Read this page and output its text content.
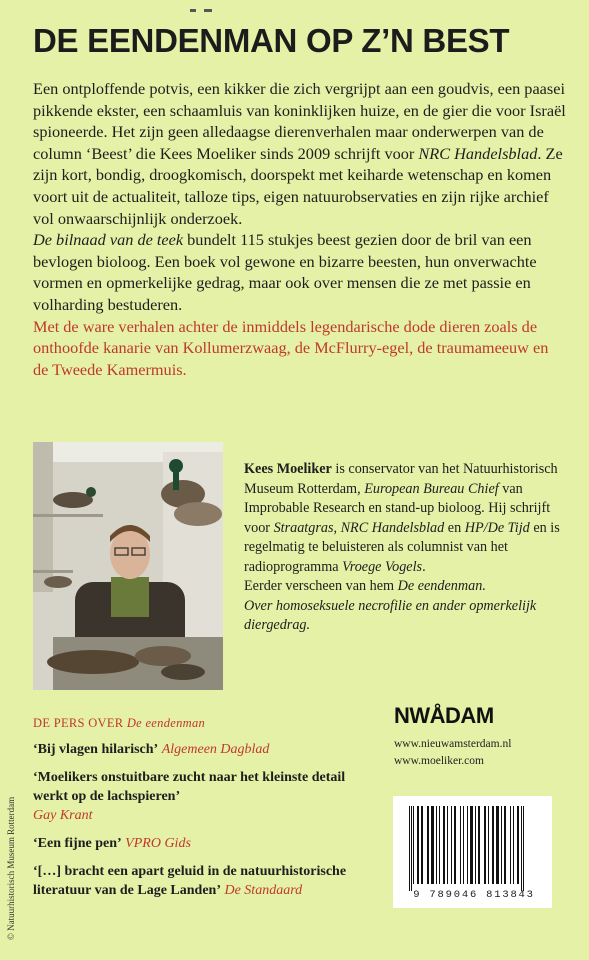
DE EENDENMAN OP Z’N BEST

Een ontploffende potvis, een kikker die zich vergrijpt aan een goudvis, een paasei pikkende ekster, een schaamluis van koninklijken huize, en de gier die voor Israël spioneerde. Het zijn geen alledaagse dierenverhalen maar onderwerpen van de column ‘Beest’ die Kees Moeliker sinds 2009 schrijft voor NRC Handelsblad. Ze zijn kort, bondig, droogkomisch, doorspekt met keiharde wetenschap en komen voort uit de actualiteit, talloze tips, eigen natuurobservaties en zijn rijke archief vol onwaarschijnlijk onderzoek.

De bilnaad van de teek bundelt 115 stukjes beest gezien door de bril van een bevlogen bioloog. Een boek vol gewone en bizarre beesten, hun onverwachte vormen en opmerkelijke gedrag, maar ook over mensen die ze met passie en volharding bestuderen.

Met de ware verhalen achter de inmiddels legendarische dode dieren zoals de onthoofde kanarie van Kollumerzwaag, de McFlurry-egel, de traumameeuw en de Tweede Kamermuis.

© Natuurhistorisch Museum Rotterdam

Kees Moeliker is conservator van het Natuurhistorisch Museum Rotterdam, European Bureau Chief van Improbable Research en stand-up bioloog. Hij schrijft voor Straatgras, NRC Handelsblad en HP/De Tijd en is regelmatig te beluisteren als columnist van het radioprogramma Vroege Vogels.

Eerder verscheen van hem De eendenman.
Over homoseksuele necrofilie en ander opmerkelijk diergedrag.

DE PERS OVER De eendenman
‘Bij vlagen hilarisch’ Algemeen Dagblad
‘Moelikers onstuitbare zucht naar het kleinste detail werkt op de lachspieren’
Gay Krant
‘Een fijne pen’ VPRO Gids
‘[…] bracht een apart geluid in de natuurhistorische literatuur van de Lage Landen’ De Standaard
NWÅDAM
www.nieuwamsterdam.nl
www.moeliker.com
9 789046 813843
